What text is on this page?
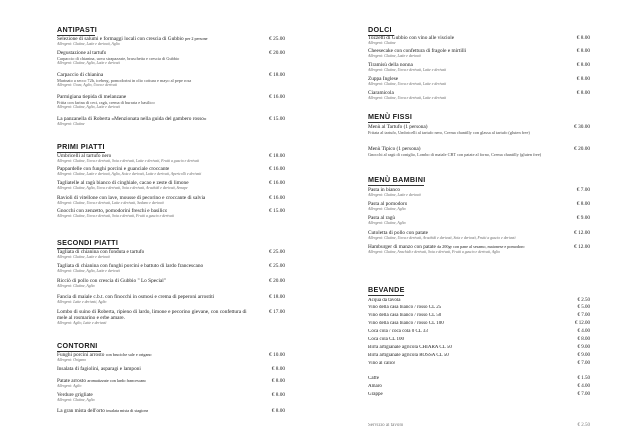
ANTIPASTI
Selezione di salumi e formaggi locali con crescia di Gubbio per 2 persone	€ 25.00
Allergeni: Glutine, Latte e derivati, Aglio
Degustazione al tartufo	€ 20.00
Carpaccio di chianina, uova strapazzate, bruschetta e crescia di Gubbio
Allergeni: Glutine, Aglio, Latte e derivati
Carpaccio di chianina	€ 18.00
Marinato a secco 72h, iceberg, pomodorini in olio cottura e mayo al pepe rosa
Allergeni: Uova, Aglio, Uova e derivati
Parmigiana tiepida di melanzane	€ 16.00
Fritta con farina di ceci, ragù, crema di burrata e basilico
Allergeni: Glutine, Aglio, Latte e derivati
La panzanella di Roberta «Menzionata nella guida del gambero rosso»	€ 15.00
Allergeni: Glutine
PRIMI PIATTI
Umbricelli al tartufo nero	€ 18.00
Allergeni: Glutine, Uova e derivati, Soia e derivati, Latte e derivati, Frutti a guscio e derivati
Pappardelle con funghi porcini e guanciale croccante	€ 16.00
Allergeni: Glutine, Latte e derivati, Aglio, Soia e derivati, Latte e derivati, Apericolli e derivati
Tagliatelle al ragù bianco di cinghiale, cacao e zeste di limone	€ 16.00
Allergeni: Glutine, Aglio, Uova e derivati, Soia e derivati, Arachidi e derivati, Senape
Ravioli di vitellone con lave, mousse di pecorino e croccante di salvia	€ 16.00
Allergeni: Glutine, Uova e derivati, Latte e derivati, Sedano e derivati
Gnocchi con zenzetto, pomodorini freschi e basilico	€ 15.00
Allergeni: Glutine, Uova e derivati, Soia e derivati, Frutti a guscio e derivati
SECONDI PIATTI
Tagliata di chianina con fonduta e tartufo	€ 25.00
Allergeni: Glutine, Latte e derivati
Tagliata di chianina con funghi porcini e battuto di lardo francescano	€ 25.00
Allergeni: Glutine, Aglio, Latte e derivati
Ricciò di pollo con crescia di Gubbio " Lo Special"	€ 20.00
Allergeni: Glutine, Aglio
Fancia di maiale c.b.t. con finocchi in osmosi e crema di peperoni arrostiti	€ 18.00
Allergeni: Latte e derivati, Aglio
Lombo di suino di Roberta, ripieno di lardo, limone e pecorino gievane, con confettura di mele al rosmarino e erbe amare.
€ 17.00
Allergeni: Aglio, Latte e derivati
CONTORNI
Funghi porcini arrosto con bruciche sale e origano	€ 10.00
Allergeni: Origano
Insalata di fagiolini, asparagi e lamponi	€ 8.00
Patate arrosto aromatizzate con lardo francescano	€ 8.00
Allergeni: Aglio
Verdure grigliate	€ 8.00
Allergeni: Glutine, Aglio
La gran mista dell'orto insalata mista di stagione	€ 8.00
DOLCI
Tozzetti di Gubbio con vino alle visciole	€ 8.00
Allergeni: Glutine
Cheesecake con confettura di fragole e mirtilli	€ 8.00
Allergeni: Glutine, Latte e derivati
Tiramisù della nonna	€ 8.00
Allergeni: Glutine, Uova e derivati, Latte e derivati
Zuppa Inglese	€ 8.00
Allergeni: Glutine, Uova e derivati, Latte e derivati
Ciaramicola	€ 8.00
Allergeni: Glutine, Uova e derivati, Latte e derivati
MENÙ FISSI
Menù al Tartufo (1 persona)	€ 30.00
Fritata al tartufo, Umbricelli al tartufo nero, Crema chantilly con glassa al tartufo (gluten free)
Menù Tipico (1 persona)	€ 20.00
Gnocchi al ragù di coniglio, Lombo di maiale CBT con patate al forno, Crema chantilly (gluten free)
MENÙ BAMBINI
Pasta in bianco	€ 7.00
Allergeni: Glutine, Latte e derivati
Pasta al pomodoro	€ 8.00
Allergeni: Glutine, Aglio
Pasta al ragù	€ 9.00
Allergeni: Glutine, Aglio
Cutoletta di pollo con patate	€ 12.00
Allergeni: Glutine, Uova e derivati, Arachidi e derivati, Soia e derivati, Frutti a guscio e derivati
Hamburger di manzo con patate da 200gr con pane al sesamo, maionese e pomodoro	€ 12.00
Allergeni: Glutine, Arachidi e derivati, Soia e derivati, Frutti a guscio e derivati, Aglio
BEVANDE
Acqua da tavola	€ 2.50
Vino della casa bianco / rosso CL 25	€ 5.00
Vino della casa bianco / rosso CL 50	€ 7.00
Vino della casa bianco / rosso CL 100	€ 12.00
Coca cola / coca cola 0 CL 33	€ 4.00
Coca cola CL 100	€ 8.00
Birra artigianale agricola CHIARA CL 50	€ 9.00
Birra artigianale agricola ROSSA CL 50	€ 9.00
Vino al calice	€ 7.00
Caffè	€ 1.50
Amaro	€ 4.00
Grappe	€ 7.00
Servizio al tavolo	€ 2.50
